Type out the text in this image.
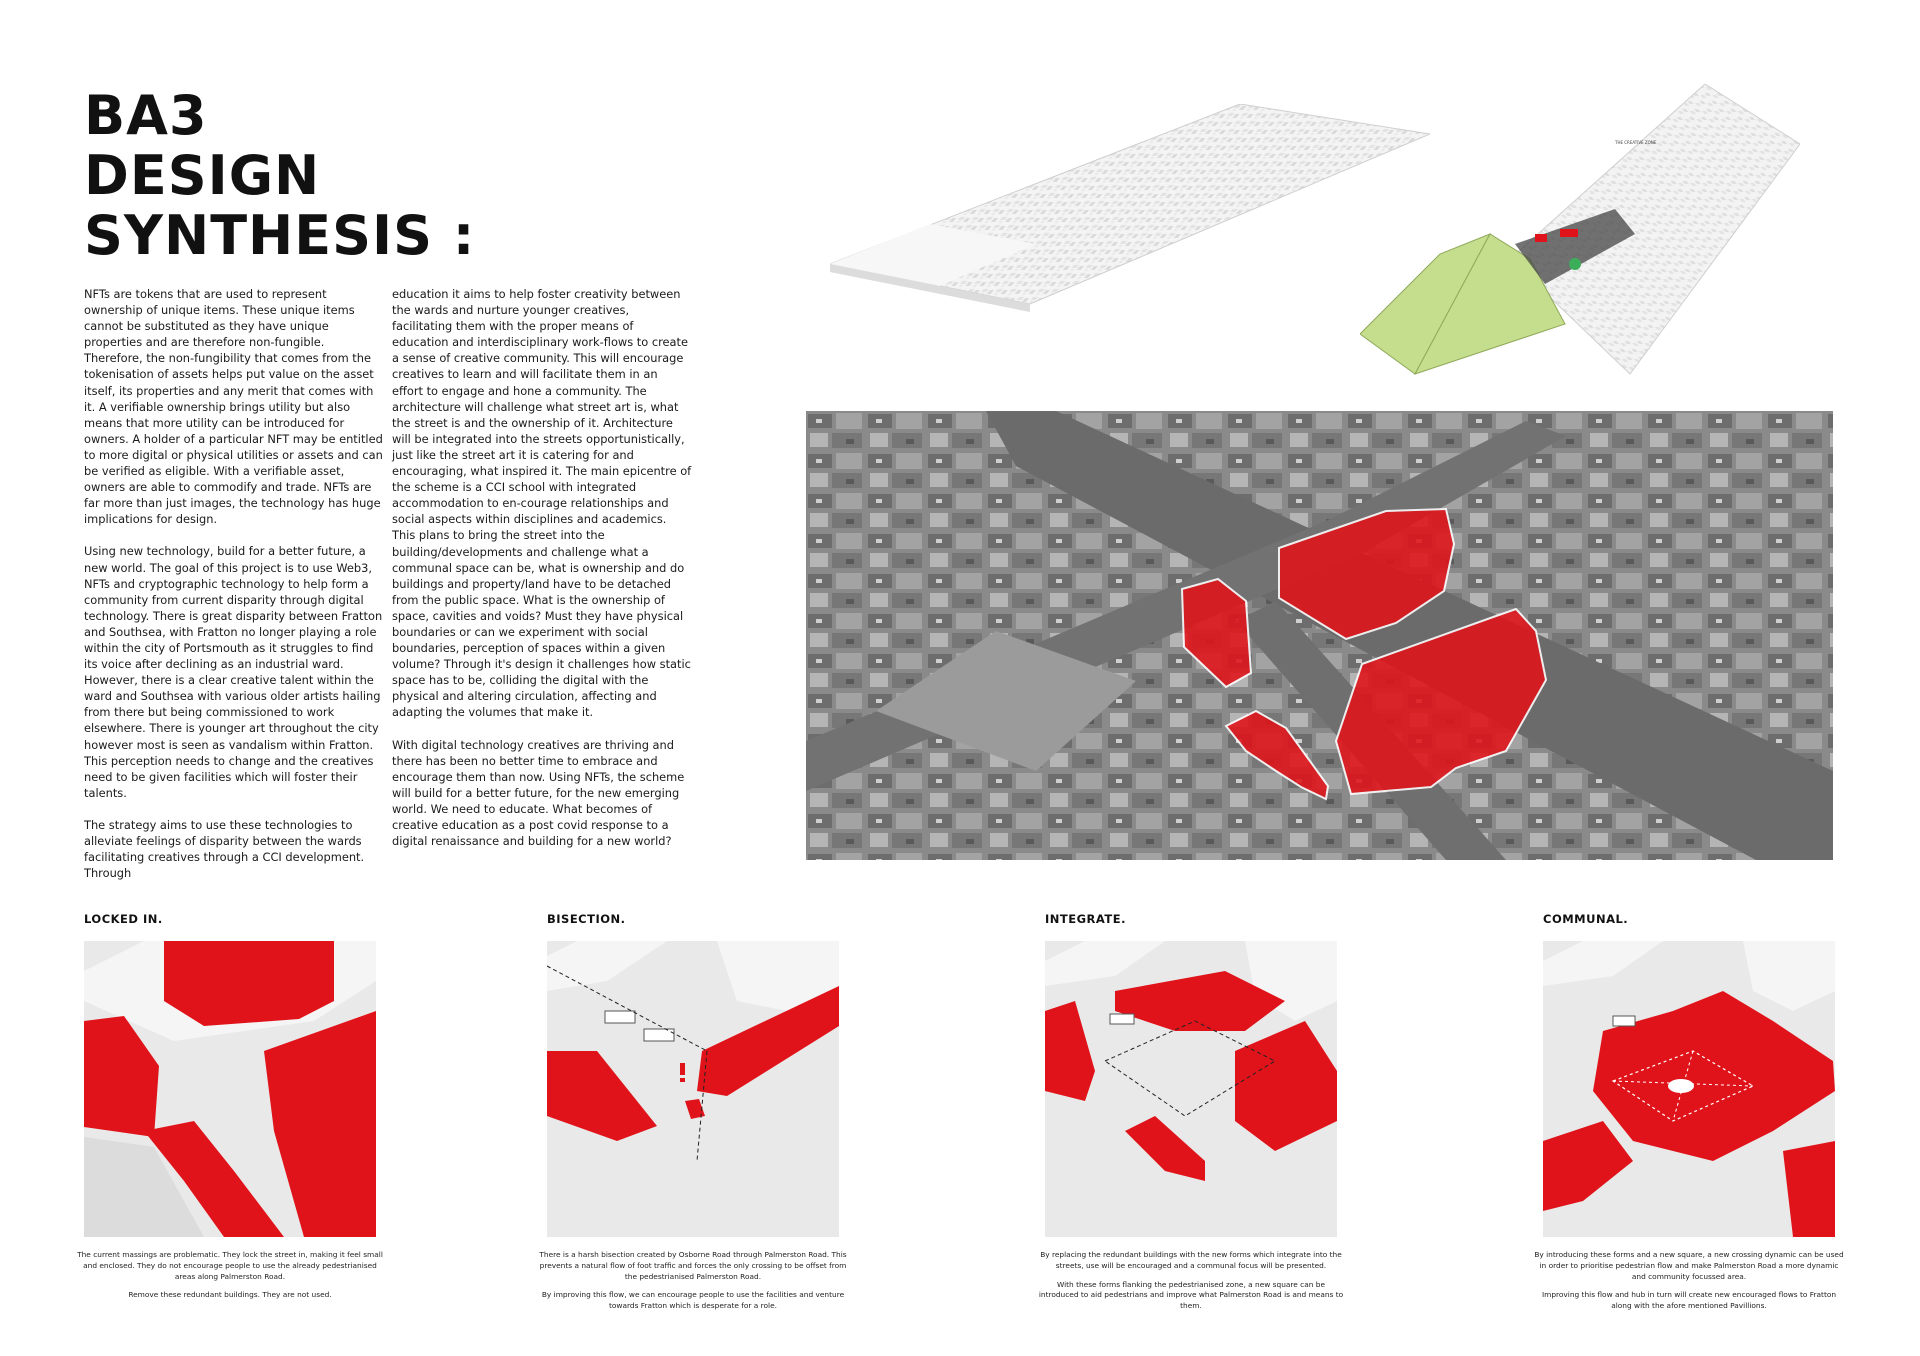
BA3
DESIGN
SYNTHESIS :

NFTs are tokens that are used to represent ownership of unique items. These unique items cannot be substituted as they have unique properties and are therefore non-fungible. Therefore, the non-fungibility that comes from the tokenisation of assets helps put value on the asset itself, its properties and any merit that comes with it. A verifiable ownership brings utility but also means that more utility can be introduced for owners. A holder of a particular NFT may be entitled to more digital or physical utilities or assets and can be verified as eligible. With a verifiable asset, owners are able to commodify and trade. NFTs are far more than just images, the technology has huge implications for design.

Using new technology, build for a better future, a new world. The goal of this project is to use Web3, NFTs and cryptographic technology to help form a community from current disparity through digital technology. There is great disparity between Fratton and Southsea, with Fratton no longer playing a role within the city of Portsmouth as it struggles to find its voice after declining as an industrial ward. However, there is a clear creative talent within the ward and Southsea with various older artists hailing from there but being commissioned to work elsewhere. There is younger art throughout the city however most is seen as vandalism within Fratton. This perception needs to change and the creatives need to be given facilities which will foster their talents.

The strategy aims to use these technologies to alleviate feelings of disparity between the wards facilitating creatives through a CCI development. Through

education it aims to help foster creativity between the wards and nurture younger creatives, facilitating them with the proper means of education and interdisciplinary work-flows to create a sense of creative community. This will encourage creatives to learn and will facilitate them in an effort to engage and hone a community. The architecture will challenge what street art is, what the street is and the ownership of it. Architecture will be integrated into the streets opportunistically, just like the street art it is catering for and encouraging, what inspired it. The main epicentre of the scheme is a CCI school with integrated accommodation to en-courage relationships and social aspects within disciplines and academics. This plans to bring the street into the building/developments and challenge what a communal space can be, what is ownership and do buildings and property/land have to be detached from the public space. What is the ownership of space, cavities and voids? Must they have physical boundaries or can we experiment with social boundaries, perception of spaces within a given volume? Through it's design it challenges how static space has to be, colliding the digital with the physical and altering circulation, affecting and adapting the volumes that make it.

With digital technology creatives are thriving and there has been no better time to embrace and encourage them than now. Using NFTs, the scheme will build for a better future, for the new emerging world. We need to educate. What becomes of creative education as a post covid response to a digital renaissance and building for a new world?

THE CREATIVE ZONE
LOCKED IN.	BISECTION.	INTEGRATE.	COMMUNAL.

The current massings are problematic. They lock the street in, making it feel small and enclosed. They do not encourage people to use the already pedestrianised areas along Palmerston Road.

Remove these redundant buildings. They are not used.

There is a harsh bisection created by Osborne Road through Palmerston Road. This prevents a natural flow of foot traffic and forces the only crossing to be offset from the pedestrianised Palmerston Road.

By improving this flow, we can encourage people to use the facilities and venture towards Fratton which is desperate for a role.

By replacing the redundant buildings with the new forms which integrate into the streets, use will be encouraged and a communal focus will be presented.

With these forms flanking the pedestrianised zone, a new square can be introduced to aid pedestrians and improve what Palmerston Road is and means to them.

By introducing these forms and a new square, a new crossing dynamic can be used in order to prioritise pedestrian flow and make Palmerston Road a more dynamic and community focussed area.

Improving this flow and hub in turn will create new encouraged flows to Fratton along with the afore mentioned Pavillions.
